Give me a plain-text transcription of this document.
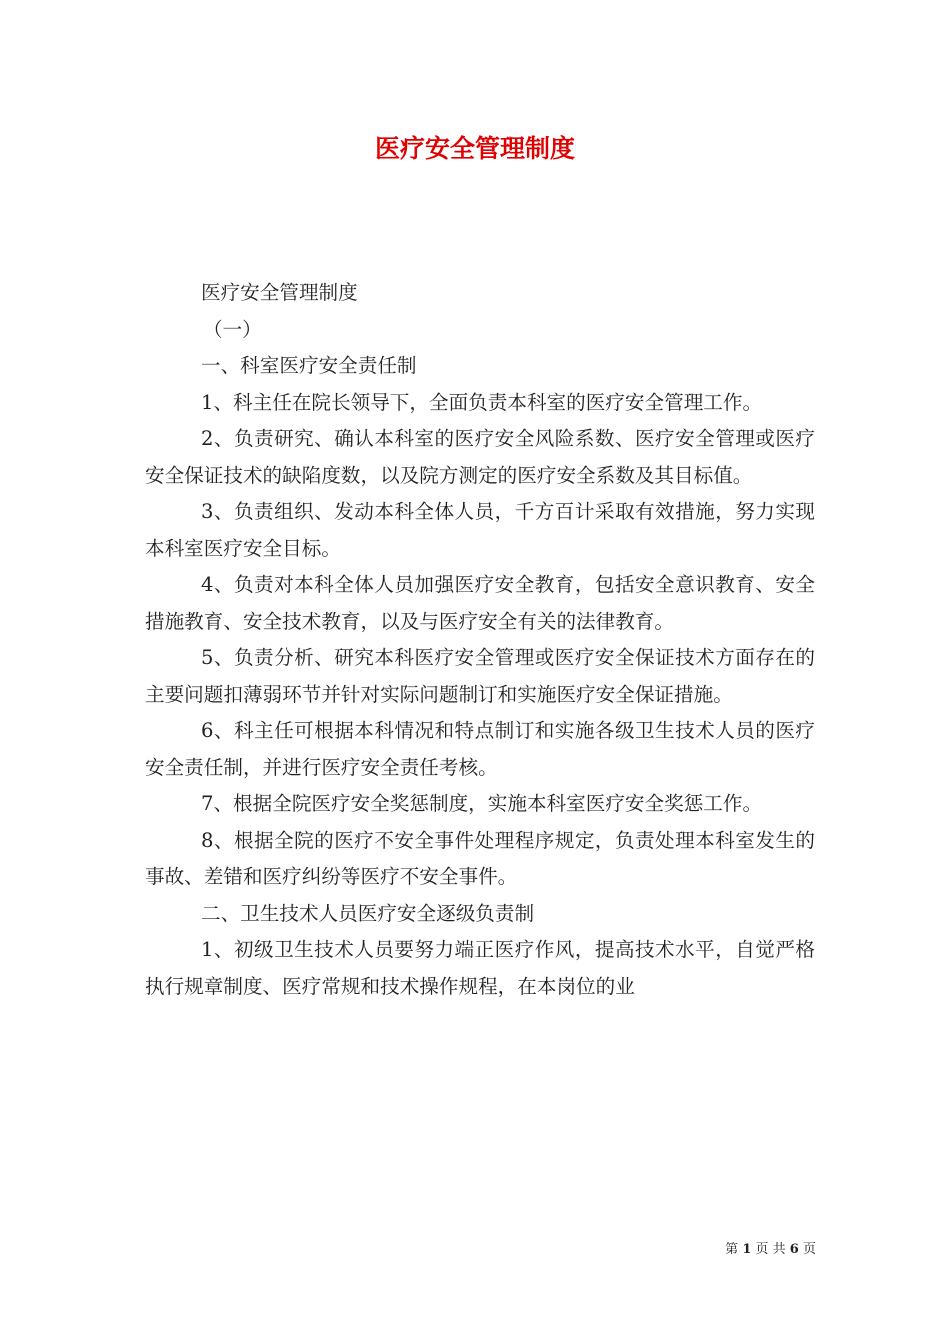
医疗安全管理制度

医疗安全管理制度

（一）

一、科室医疗安全责任制

1、科主任在院长领导下，全面负责本科室的医疗安全管理工作。

2、负责研究、确认本科室的医疗安全风险系数、医疗安全管理或医疗安全保证技术的缺陷度数，以及院方测定的医疗安全系数及其目标值。

3、负责组织、发动本科全体人员，千方百计采取有效措施，努力实现本科室医疗安全目标。

4、负责对本科全体人员加强医疗安全教育，包括安全意识教育、安全措施教育、安全技术教育，以及与医疗安全有关的法律教育。

5、负责分析、研究本科医疗安全管理或医疗安全保证技术方面存在的主要问题扣薄弱环节并针对实际问题制订和实施医疗安全保证措施。

6、科主任可根据本科情况和特点制订和实施各级卫生技术人员的医疗安全责任制，并进行医疗安全责任考核。

7、根据全院医疗安全奖惩制度，实施本科室医疗安全奖惩工作。

8、根据全院的医疗不安全事件处理程序规定，负责处理本科室发生的事故、差错和医疗纠纷等医疗不安全事件。

二、卫生技术人员医疗安全逐级负责制

1、初级卫生技术人员要努力端正医疗作风，提高技术水平，自觉严格执行规章制度、医疗常规和技术操作规程，在本岗位的业

第 1 页 共 6 页
